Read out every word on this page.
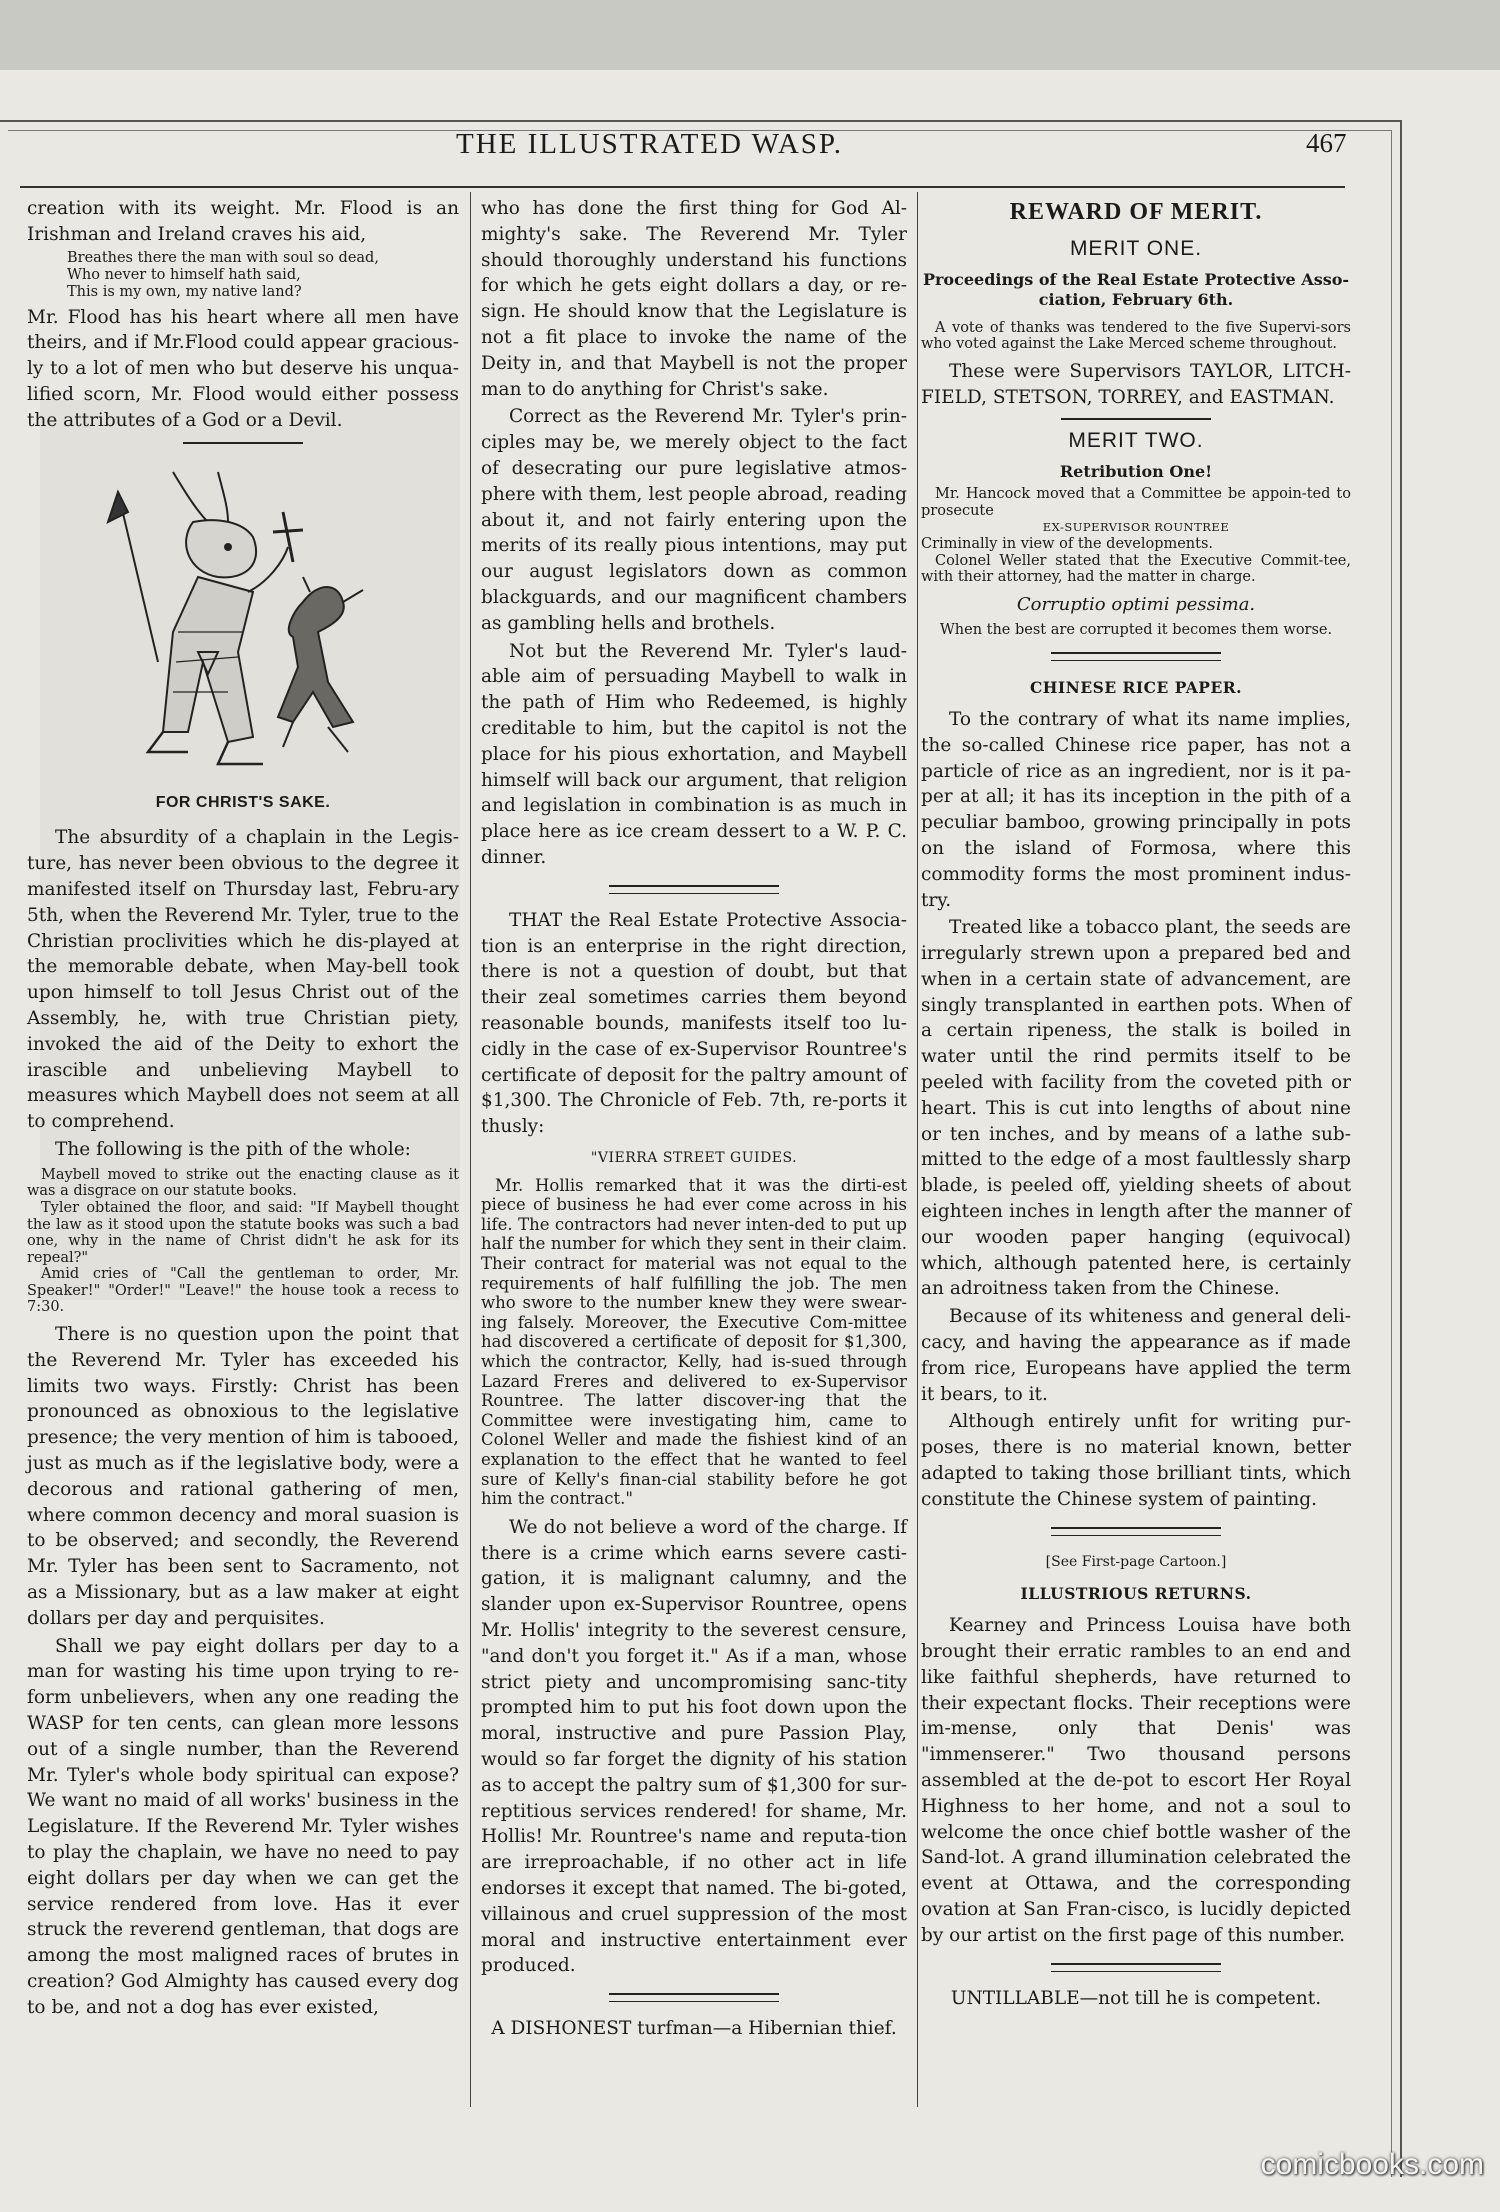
THE ILLUSTRATED WASP.	467

creation with its weight. Mr. Flood is an Irishman and Ireland craves his aid,

Breathes there the man with soul so dead,
Who never to himself hath said,
This is my own, my native land?

Mr. Flood has his heart where all men have theirs, and if Mr.Flood could appear gracious-ly to a lot of men who but deserve his unqua-lified scorn, Mr. Flood would either possess the attributes of a God or a Devil.

FOR CHRIST'S SAKE.

The absurdity of a chaplain in the Legis-ture, has never been obvious to the degree it manifested itself on Thursday last, Febru-ary 5th, when the Reverend Mr. Tyler, true to the Christian proclivities which he dis-played at the memorable debate, when May-bell took upon himself to toll Jesus Christ out of the Assembly, he, with true Christian piety, invoked the aid of the Deity to exhort the irascible and unbelieving Maybell to measures which Maybell does not seem at all to comprehend.

The following is the pith of the whole:

Maybell moved to strike out the enacting clause as it was a disgrace on our statute books.

Tyler obtained the floor, and said: "If Maybell thought the law as it stood upon the statute books was such a bad one, why in the name of Christ didn't he ask for its repeal?"

Amid cries of "Call the gentleman to order, Mr. Speaker!" "Order!" "Leave!" the house took a recess to 7:30.

There is no question upon the point that the Reverend Mr. Tyler has exceeded his limits two ways. Firstly: Christ has been pronounced as obnoxious to the legislative presence; the very mention of him is tabooed, just as much as if the legislative body, were a decorous and rational gathering of men, where common decency and moral suasion is to be observed; and secondly, the Reverend Mr. Tyler has been sent to Sacramento, not as a Missionary, but as a law maker at eight dollars per day and perquisites.

Shall we pay eight dollars per day to a man for wasting his time upon trying to re-form unbelievers, when any one reading the WASP for ten cents, can glean more lessons out of a single number, than the Reverend Mr. Tyler's whole body spiritual can expose? We want no maid of all works' business in the Legislature. If the Reverend Mr. Tyler wishes to play the chaplain, we have no need to pay eight dollars per day when we can get the service rendered from love. Has it ever struck the reverend gentleman, that dogs are among the most maligned races of brutes in creation? God Almighty has caused every dog to be, and not a dog has ever existed,

who has done the first thing for God Al-mighty's sake. The Reverend Mr. Tyler should thoroughly understand his functions for which he gets eight dollars a day, or re-sign. He should know that the Legislature is not a fit place to invoke the name of the Deity in, and that Maybell is not the proper man to do anything for Christ's sake.

Correct as the Reverend Mr. Tyler's prin-ciples may be, we merely object to the fact of desecrating our pure legislative atmos-phere with them, lest people abroad, reading about it, and not fairly entering upon the merits of its really pious intentions, may put our august legislators down as common blackguards, and our magnificent chambers as gambling hells and brothels.

Not but the Reverend Mr. Tyler's laud-able aim of persuading Maybell to walk in the path of Him who Redeemed, is highly creditable to him, but the capitol is not the place for his pious exhortation, and Maybell himself will back our argument, that religion and legislation in combination is as much in place here as ice cream dessert to a W. P. C. dinner.

THAT the Real Estate Protective Associa-tion is an enterprise in the right direction, there is not a question of doubt, but that their zeal sometimes carries them beyond reasonable bounds, manifests itself too lu-cidly in the case of ex-Supervisor Rountree's certificate of deposit for the paltry amount of $1,300. The Chronicle of Feb. 7th, re-ports it thusly:

"VIERRA STREET GUIDES.

Mr. Hollis remarked that it was the dirti-est piece of business he had ever come across in his life. The contractors had never inten-ded to put up half the number for which they sent in their claim. Their contract for material was not equal to the requirements of half fulfilling the job. The men who swore to the number knew they were swear-ing falsely. Moreover, the Executive Com-mittee had discovered a certificate of deposit for $1,300, which the contractor, Kelly, had is-sued through Lazard Freres and delivered to ex-Supervisor Rountree. The latter discover-ing that the Committee were investigating him, came to Colonel Weller and made the fishiest kind of an explanation to the effect that he wanted to feel sure of Kelly's finan-cial stability before he got him the contract."

We do not believe a word of the charge. If there is a crime which earns severe casti-gation, it is malignant calumny, and the slander upon ex-Supervisor Rountree, opens Mr. Hollis' integrity to the severest censure, "and don't you forget it." As if a man, whose strict piety and uncompromising sanc-tity prompted him to put his foot down upon the moral, instructive and pure Passion Play, would so far forget the dignity of his station as to accept the paltry sum of $1,300 for sur-reptitious services rendered! for shame, Mr. Hollis! Mr. Rountree's name and reputa-tion are irreproachable, if no other act in life endorses it except that named. The bi-goted, villainous and cruel suppression of the most moral and instructive entertainment ever produced.

A DISHONEST turfman—a Hibernian thief.

REWARD OF MERIT.
MERIT ONE.
Proceedings of the Real Estate Protective Asso-ciation, February 6th.

A vote of thanks was tendered to the five Supervi-sors who voted against the Lake Merced scheme throughout.

These were Supervisors TAYLOR, LITCH-FIELD, STETSON, TORREY, and EASTMAN.

MERIT TWO.
Retribution One!

Mr. Hancock moved that a Committee be appoin-ted to prosecute

EX-SUPERVISOR ROUNTREE

Criminally in view of the developments.

Colonel Weller stated that the Executive Commit-tee, with their attorney, had the matter in charge.

Corruptio optimi pessima.
When the best are corrupted it becomes them worse.
CHINESE RICE PAPER.

To the contrary of what its name implies, the so-called Chinese rice paper, has not a particle of rice as an ingredient, nor is it pa-per at all; it has its inception in the pith of a peculiar bamboo, growing principally in pots on the island of Formosa, where this commodity forms the most prominent indus-try.

Treated like a tobacco plant, the seeds are irregularly strewn upon a prepared bed and when in a certain state of advancement, are singly transplanted in earthen pots. When of a certain ripeness, the stalk is boiled in water until the rind permits itself to be peeled with facility from the coveted pith or heart. This is cut into lengths of about nine or ten inches, and by means of a lathe sub-mitted to the edge of a most faultlessly sharp blade, is peeled off, yielding sheets of about eighteen inches in length after the manner of our wooden paper hanging (equivocal) which, although patented here, is certainly an adroitness taken from the Chinese.

Because of its whiteness and general deli-cacy, and having the appearance as if made from rice, Europeans have applied the term it bears, to it.

Although entirely unfit for writing pur-poses, there is no material known, better adapted to taking those brilliant tints, which constitute the Chinese system of painting.

[See First-page Cartoon.]
ILLUSTRIOUS RETURNS.

Kearney and Princess Louisa have both brought their erratic rambles to an end and like faithful shepherds, have returned to their expectant flocks. Their receptions were im-mense, only that Denis' was "immenserer." Two thousand persons assembled at the de-pot to escort Her Royal Highness to her home, and not a soul to welcome the once chief bottle washer of the Sand-lot. A grand illumination celebrated the event at Ottawa, and the corresponding ovation at San Fran-cisco, is lucidly depicted by our artist on the first page of this number.

UNTILLABLE—not till he is competent.

comicbooks.com
